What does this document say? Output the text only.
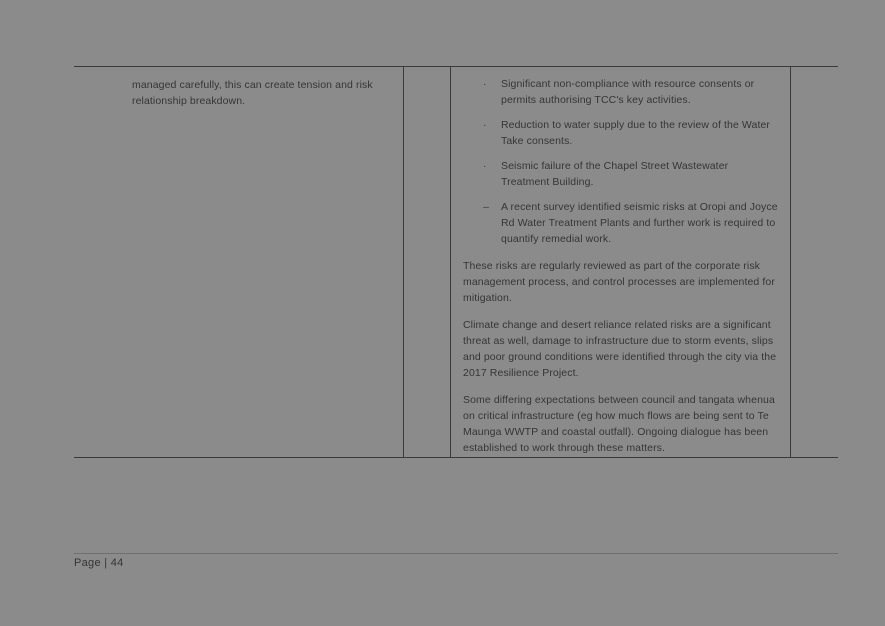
managed carefully, this can create tension and risk relationship breakdown.

· Significant non-compliance with resource consents or permits authorising TCC's key activities.
· Reduction to water supply due to the review of the Water Take consents.
· Seismic failure of the Chapel Street Wastewater Treatment Building.
– A recent survey identified seismic risks at Oropi and Joyce Rd Water Treatment Plants and further work is required to quantify remedial work.

These risks are regularly reviewed as part of the corporate risk management process, and control processes are implemented for mitigation.

Climate change and desert reliance related risks are a significant threat as well, damage to infrastructure due to storm events, slips and poor ground conditions were identified through the city via the 2017 Resilience Project.

Some differing expectations between council and tangata whenua on critical infrastructure (eg how much flows are being sent to Te Maunga WWTP and coastal outfall). Ongoing dialogue has been established to work through these matters.

Page | 44
